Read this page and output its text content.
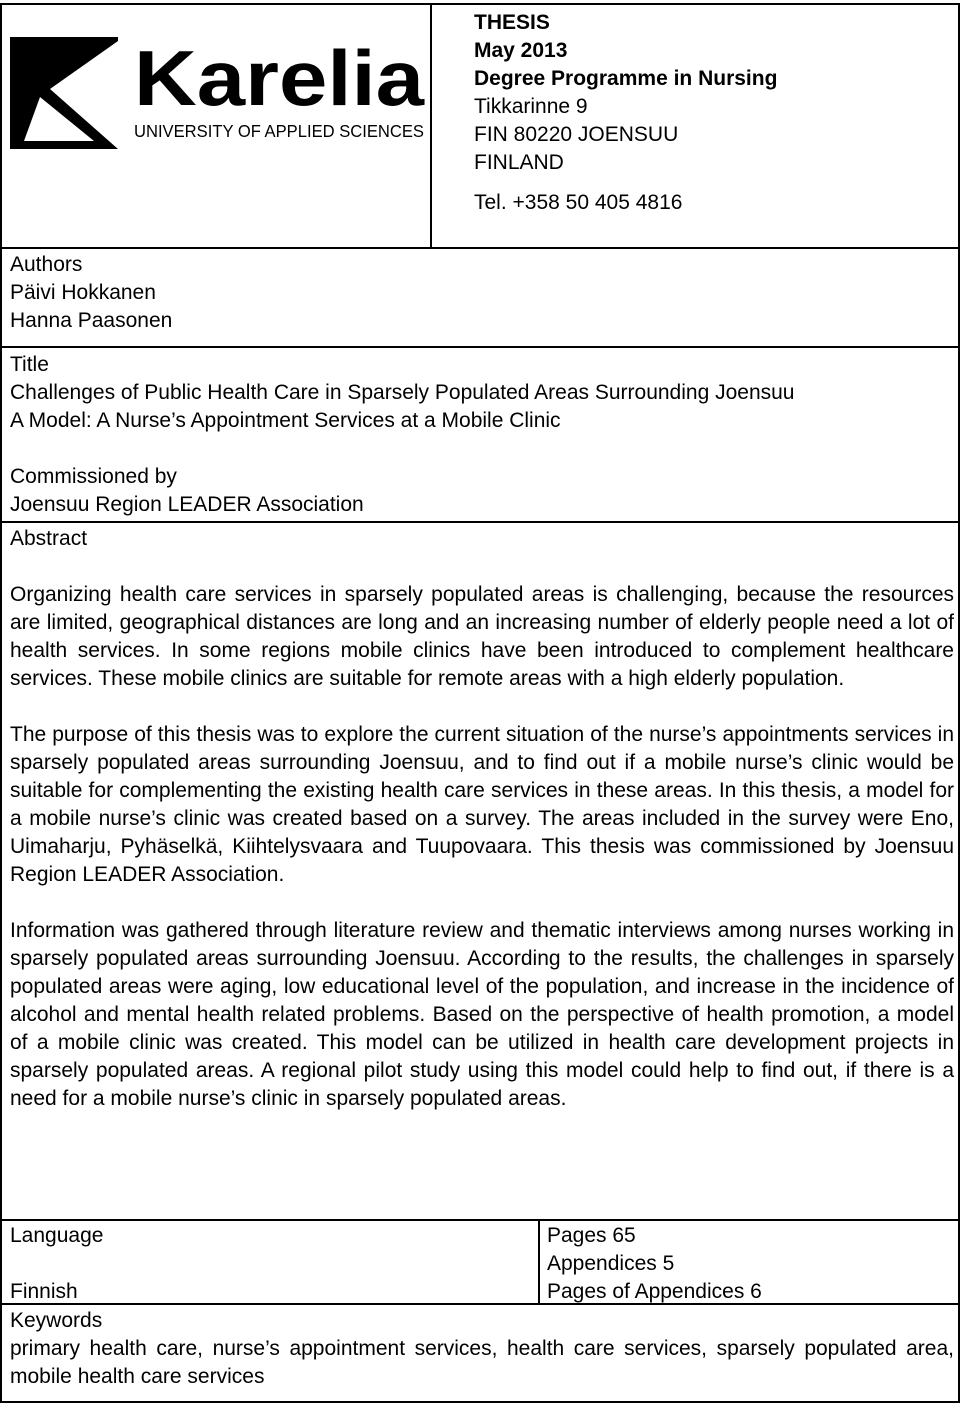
Karelia
UNIVERSITY OF APPLIED SCIENCES
THESIS
May 2013
Degree Programme in Nursing
Tikkarinne 9
FIN 80220 JOENSUU
FINLAND
Tel. +358 50 405 4816
Authors
Päivi Hokkanen
Hanna Paasonen
Title
Challenges of Public Health Care in Sparsely Populated Areas Surrounding Joensuu
A Model: A Nurse’s Appointment Services at a Mobile Clinic
Commissioned by
Joensuu Region LEADER Association
Abstract

Organizing health care services in sparsely populated areas is challenging, because the resources are limited, geographical distances are long and an increasing number of elderly people need a lot of health services. In some regions mobile clinics have been introduced to complement healthcare services. These mobile clinics are suitable for remote areas with a high elderly population.

The purpose of this thesis was to explore the current situation of the nurse’s appointments services in sparsely populated areas surrounding Joensuu, and to find out if a mobile nurse’s clinic would be suitable for complementing the existing health care services in these areas. In this thesis, a model for a mobile nurse’s clinic was created based on a survey. The areas included in the survey were Eno, Uimaharju, Pyhäselkä, Kiihtelysvaara and Tuupovaara. This thesis was commissioned by Joensuu Region LEADER Association.

Information was gathered through literature review and thematic interviews among nurses working in sparsely populated areas surrounding Joensuu. According to the results, the challenges in sparsely populated areas were aging, low educational level of the population, and increase in the incidence of alcohol and mental health related problems. Based on the perspective of health promotion, a model of a mobile clinic was created. This model can be utilized in health care development projects in sparsely populated areas. A regional pilot study using this model could help to find out, if there is a need for a mobile nurse’s clinic in sparsely populated areas.

Language
Finnish
Pages 65
Appendices 5
Pages of Appendices 6
Keywords

primary health care, nurse’s appointment services, health care services, sparsely populated area, mobile health care services
